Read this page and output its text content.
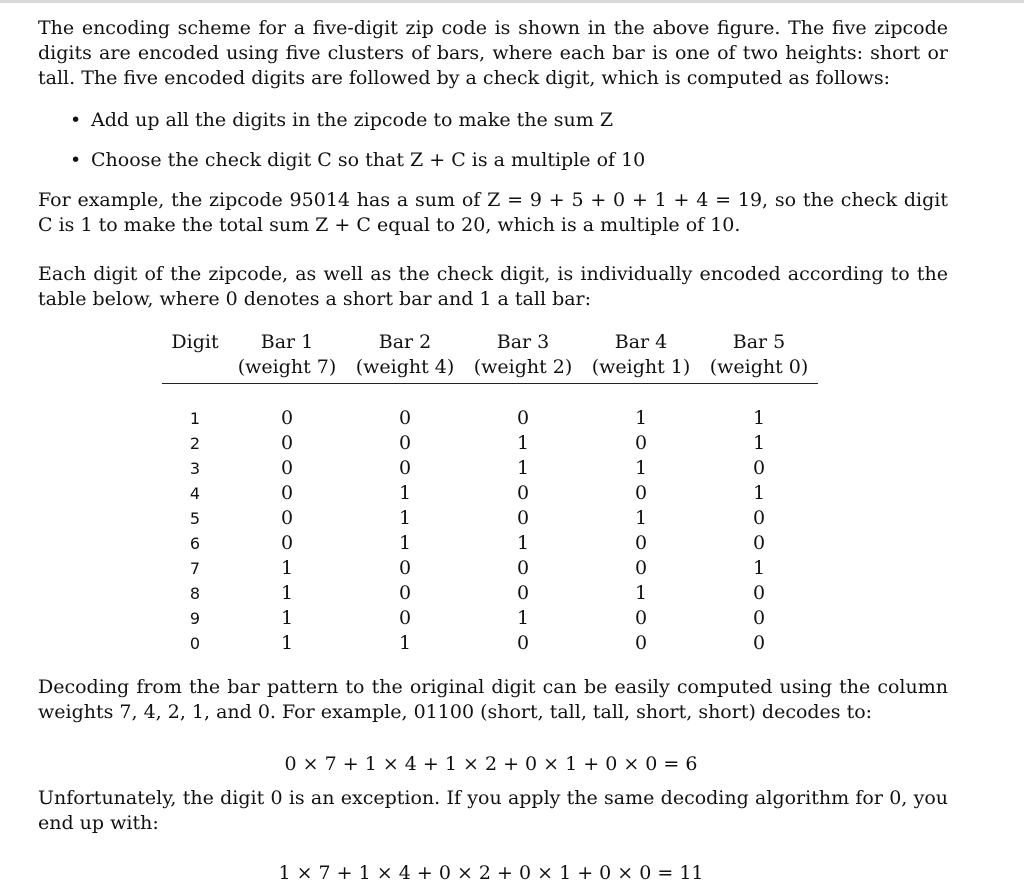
The encoding scheme for a five-digit zip code is shown in the above figure. The five zipcode digits are encoded using five clusters of bars, where each bar is one of two heights: short or tall. The five encoded digits are followed by a check digit, which is computed as follows:

• Add up all the digits in the zipcode to make the sum Z
• Choose the check digit C so that Z + C is a multiple of 10

For example, the zipcode 95014 has a sum of Z = 9 + 5 + 0 + 1 + 4 = 19, so the check digit C is 1 to make the total sum Z + C equal to 20, which is a multiple of 10.

Each digit of the zipcode, as well as the check digit, is individually encoded according to the table below, where 0 denotes a short bar and 1 a tall bar:

Digit	Bar 1	Bar 2	Bar 3	Bar 4	Bar 5
	(weight 7)	(weight 4)	(weight 2)	(weight 1)	(weight 0)

1	0	0	0	1	1
2	0	0	1	0	1
3	0	0	1	1	0
4	0	1	0	0	1
5	0	1	0	1	0
6	0	1	1	0	0
7	1	0	0	0	1
8	1	0	0	1	0
9	1	0	1	0	0
0	1	1	0	0	0

Decoding from the bar pattern to the original digit can be easily computed using the column weights 7, 4, 2, 1, and 0. For example, 01100 (short, tall, tall, short, short) decodes to:

0 × 7 + 1 × 4 + 1 × 2 + 0 × 1 + 0 × 0 = 6

Unfortunately, the digit 0 is an exception. If you apply the same decoding algorithm for 0, you end up with:

1 × 7 + 1 × 4 + 0 × 2 + 0 × 1 + 0 × 0 = 11
